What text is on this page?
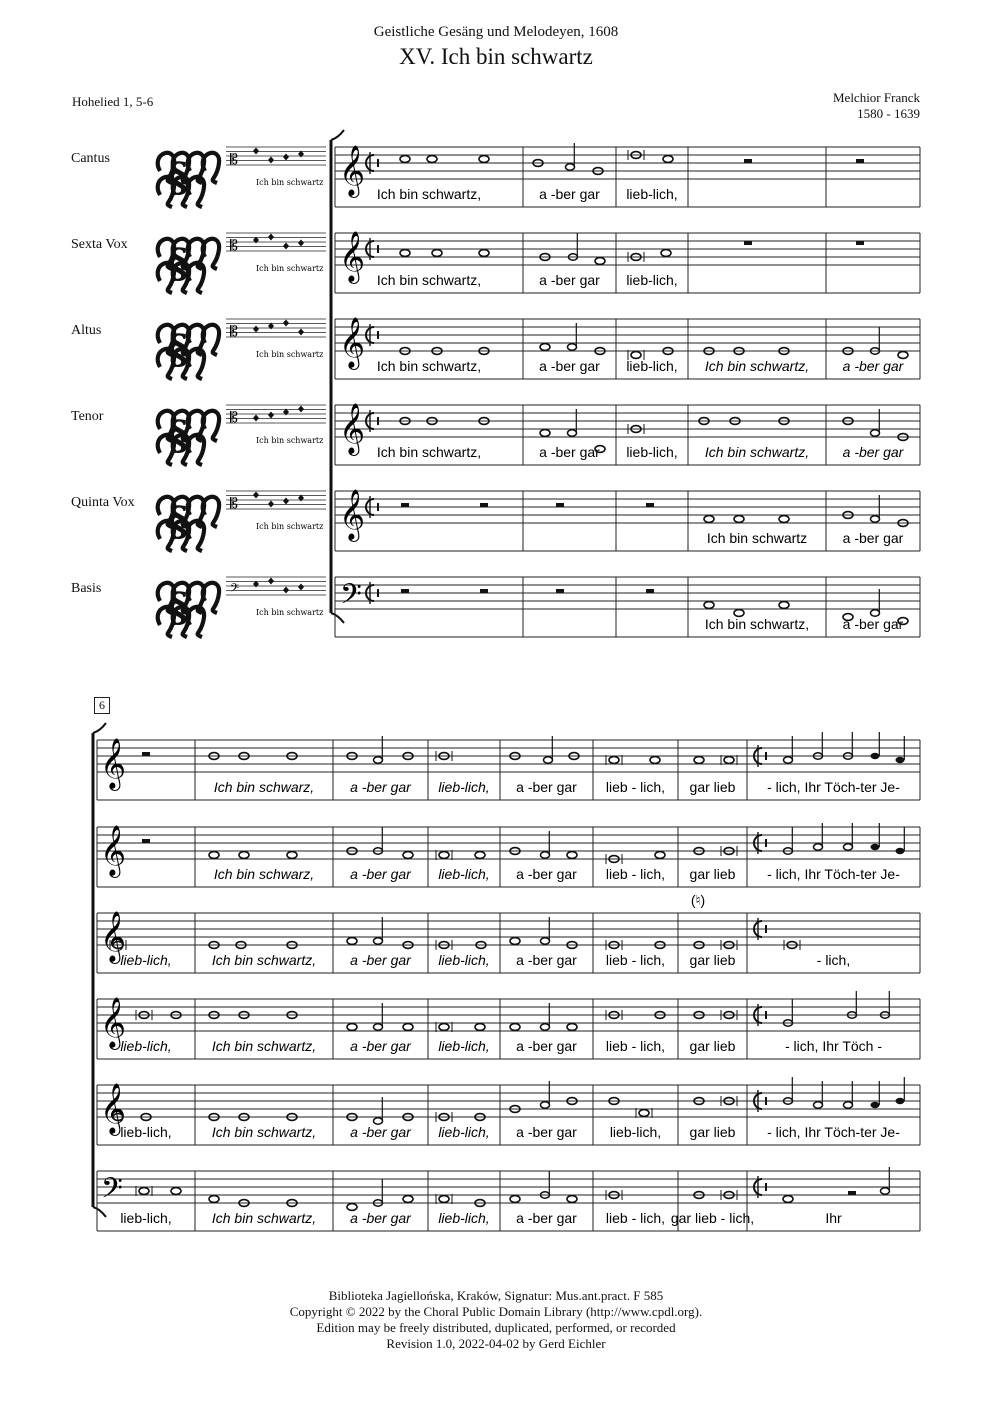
Geistliche Gesäng und Melodeyen, 1608
XV. Ich bin schwartz
Hohelied 1, 5-6	Melchior Franck
1580 - 1639
Cantus
Sexta Vox
Altus
Tenor
Quinta Vox
Basis
6
§	𝄡
Ich bin schwartz
§	𝄡
Ich bin schwartz
§	𝄡
Ich bin schwartz
§	𝄡
Ich bin schwartz
§	𝄡
Ich bin schwartz
§	𝄢
Ich bin schwartz
𝄞 Ich bin schwartz,	a -ber gar lieb-lich,
𝄞 Ich bin schwartz,	a -ber gar lieb-lich,
𝄞 Ich bin schwartz,	a -ber gar lieb-lich, Ich bin schwartz, a -ber gar
𝄞 Ich bin schwartz,	a -ber gar lieb-lich, Ich bin schwartz, a -ber gar
𝄞	Ich bin schwartz	a -ber gar
𝄢
Ich bin schwartz, a -ber gar
𝄞	Ich bin schwarz,	a -ber gar lieb-lich, a -ber gar lieb - lich, gar lieb - lich, Ihr Töch-ter Je-
𝄞	Ich bin schwarz,	a -ber gar lieb-lich, a -ber gar lieb - lich, gar lieb - lich, Ihr Töch-ter Je-
𝄞
lieb-lich,	Ich bin schwartz, a -ber gar lieb-lich, a -ber gar lieb - lich, gar lieb	- lich,
𝄞
lieb-lich,	Ich bin schwartz, a -ber gar lieb-lich, a -ber gar lieb - lich, gar lieb	- lich, Ihr Töch -
𝄞
lieb-lich,	Ich bin schwartz, a -ber gar lieb-lich, a -ber gar lieb-lich, gar lieb - lich, Ihr Töch-ter Je-
𝄢
lieb-lich,	Ich bin schwartz, a -ber gar lieb-lich, a -ber gar lieb - lich, gar lieb - lich,	Ihr
(♮)
Biblioteka Jagiellońska, Kraków, Signatur: Mus.ant.pract. F 585
Copyright © 2022 by the Choral Public Domain Library (http://www.cpdl.org).
Edition may be freely distributed, duplicated, performed, or recorded
Revision 1.0, 2022-04-02 by Gerd Eichler
